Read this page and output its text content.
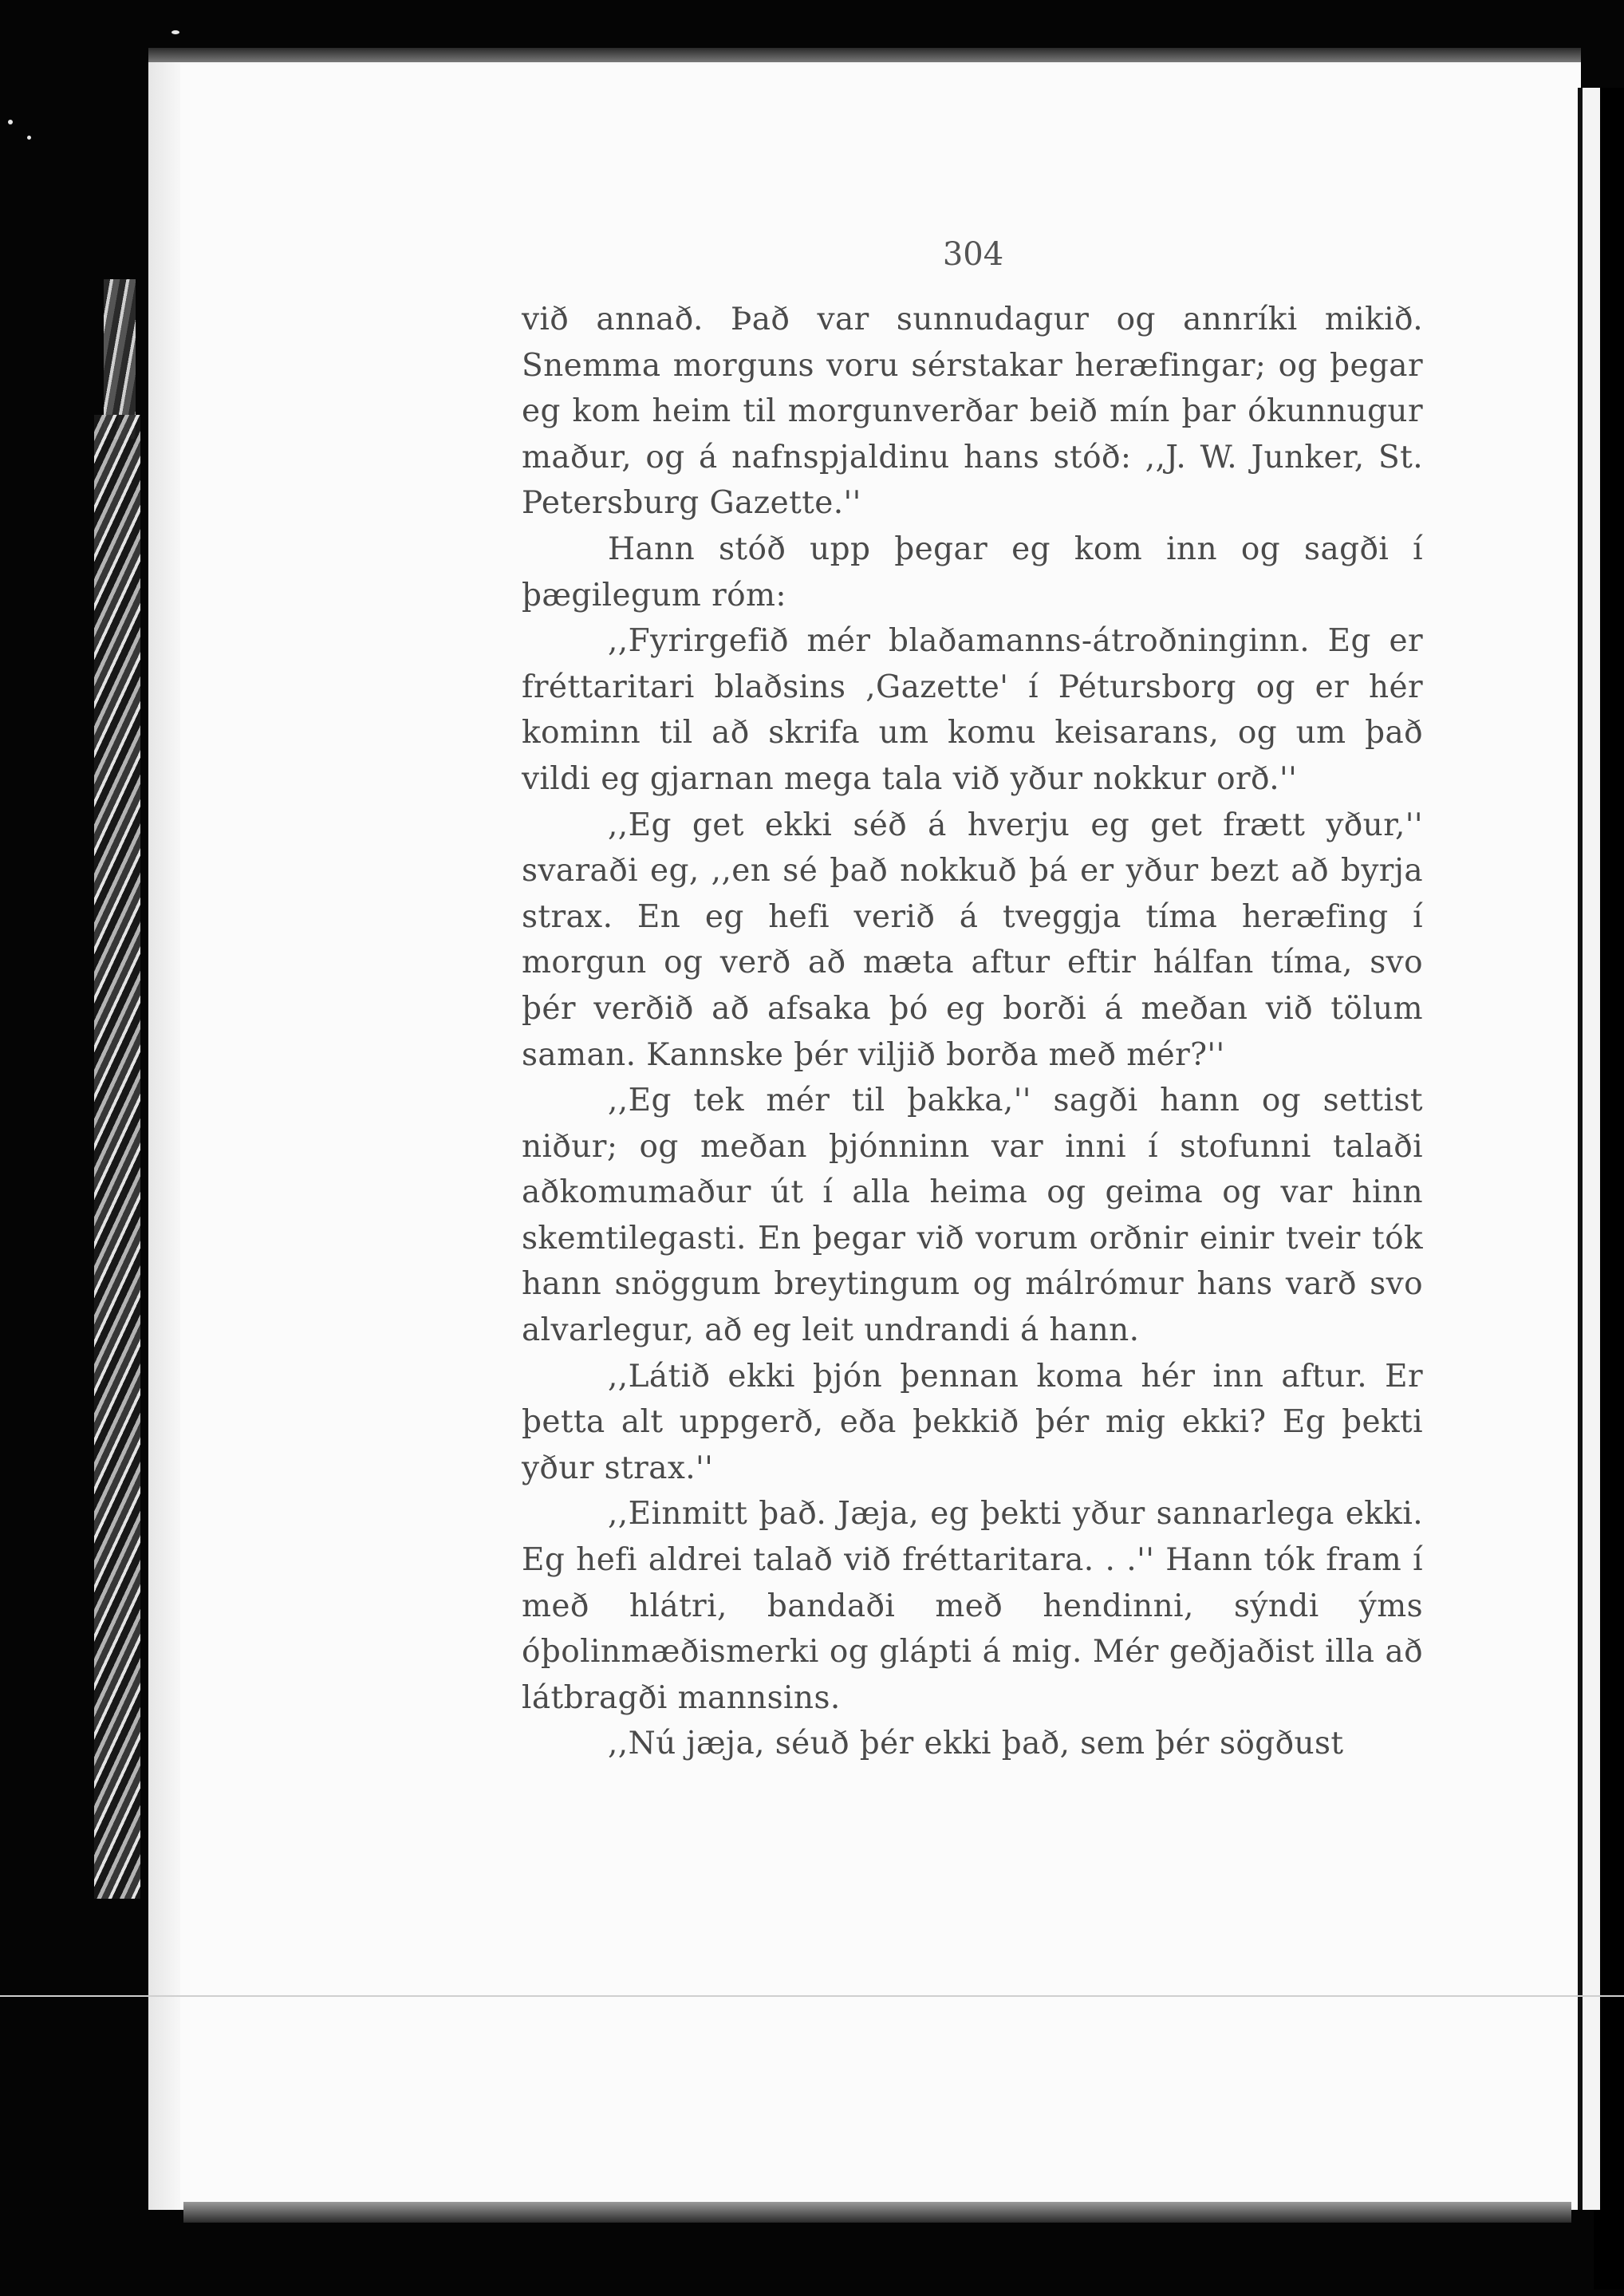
304

við annað. Það var sunnudagur og annríki mikið. Snemma morguns voru sérstakar heræfingar; og þegar eg kom heim til morgunverðar beið mín þar ókunnugur maður, og á nafnspjaldinu hans stóð: ,,J. W. Junker, St. Petersburg Gazette.''

Hann stóð upp þegar eg kom inn og sagði í þægilegum róm:

,,Fyrirgefið mér blaðamanns-átroðninginn. Eg er fréttaritari blaðsins ,Gazette' í Pétursborg og er hér kominn til að skrifa um komu keisarans, og um það vildi eg gjarnan mega tala við yður nokkur orð.''

,,Eg get ekki séð á hverju eg get frætt yður,'' svaraði eg, ,,en sé það nokkuð þá er yður bezt að byrja strax. En eg hefi verið á tveggja tíma heræfing í morgun og verð að mæta aftur eftir hálfan tíma, svo þér verðið að afsaka þó eg borði á meðan við tölum saman. Kannske þér viljið borða með mér?''

,,Eg tek mér til þakka,'' sagði hann og settist niður; og meðan þjónninn var inni í stofunni talaði aðkomumaður út í alla heima og geima og var hinn skemtilegasti. En þegar við vorum orðnir einir tveir tók hann snöggum breytingum og málrómur hans varð svo alvarlegur, að eg leit undrandi á hann.

,,Látið ekki þjón þennan koma hér inn aftur. Er þetta alt uppgerð, eða þekkið þér mig ekki? Eg þekti yður strax.''

,,Einmitt það. Jæja, eg þekti yður sannarlega ekki. Eg hefi aldrei talað við fréttaritara. . .'' Hann tók fram í með hlátri, bandaði með hendinni, sýndi ýms óþolinmæðismerki og glápti á mig. Mér geðjaðist illa að látbragði mannsins.

,,Nú jæja, séuð þér ekki það, sem þér sögðust
